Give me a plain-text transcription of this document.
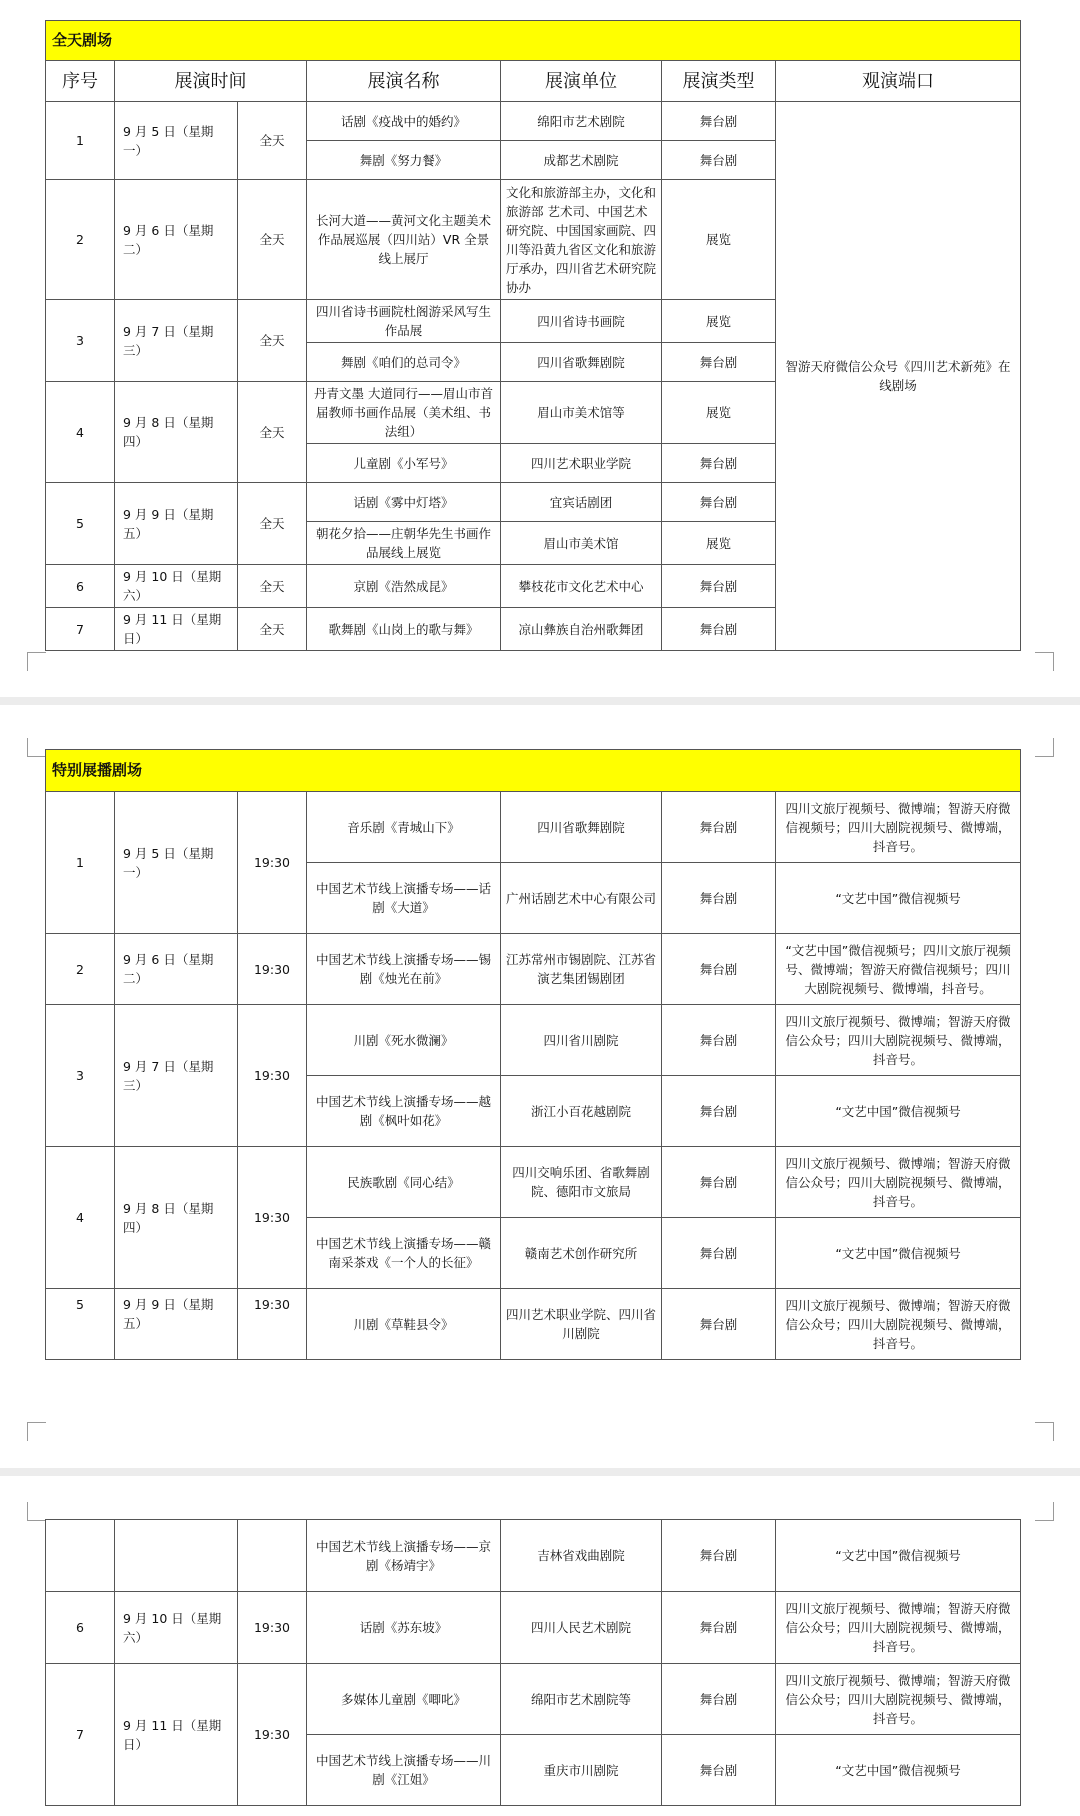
全天剧场						
序号	展演时间		展演名称	展演单位	展演类型	观演端口
1	9 月 5 日（星期一）	全天	话剧《疫战中的婚约》	绵阳市艺术剧院	舞台剧	智游天府微信公众号《四川艺术新苑》在线剧场
			舞剧《努力餐》	成都艺术剧院	舞台剧	
2	9 月 6 日（星期二）	全天	长河大道——黄河文化主题美术作品展巡展（四川站）VR 全景线上展厅	文化和旅游部主办，文化和旅游部 艺术司、中国艺术研究院、中国国家画院、四川等沿黄九省区文化和旅游厅承办，四川省艺术研究院协办	展览	
3	9 月 7 日（星期三）	全天	四川省诗书画院杜阁游采风写生作品展	四川省诗书画院	展览	
			舞剧《咱们的总司令》	四川省歌舞剧院	舞台剧	
4	9 月 8 日（星期四）	全天	丹青文墨 大道同行——眉山市首届教师书画作品展（美术组、书法组）	眉山市美术馆等	展览	
			儿童剧《小军号》	四川艺术职业学院	舞台剧	
5	9 月 9 日（星期五）	全天	话剧《雾中灯塔》	宜宾话剧团	舞台剧	
			朝花夕拾——庄朝华先生书画作品展线上展览	眉山市美术馆	展览	
6	9 月 10 日（星期六）	全天	京剧《浩然成昆》	攀枝花市文化艺术中心	舞台剧	
7	9 月 11 日（星期日）	全天	歌舞剧《山岗上的歌与舞》	凉山彝族自治州歌舞团	舞台剧	
特别展播剧场						
1	9 月 5 日（星期一）	19:30	音乐剧《青城山下》	四川省歌舞剧院	舞台剧	四川文旅厅视频号、微博端；智游天府微信视频号；四川大剧院视频号、微博端，抖音号。
			中国艺术节线上演播专场——话剧《大道》	广州话剧艺术中心有限公司	舞台剧	“文艺中国”微信视频号
2	9 月 6 日（星期二）	19:30	中国艺术节线上演播专场——锡剧《烛光在前》	江苏常州市锡剧院、江苏省演艺集团锡剧团	舞台剧	“文艺中国”微信视频号；四川文旅厅视频号、微博端；智游天府微信视频号；四川大剧院视频号、微博端，抖音号。
3	9 月 7 日（星期三）	19:30	川剧《死水微澜》	四川省川剧院	舞台剧	四川文旅厅视频号、微博端；智游天府微信公众号；四川大剧院视频号、微博端，抖音号。
			中国艺术节线上演播专场——越剧《枫叶如花》	浙江小百花越剧院	舞台剧	“文艺中国”微信视频号
4	9 月 8 日（星期四）	19:30	民族歌剧《同心结》	四川交响乐团、省歌舞剧院、德阳市文旅局	舞台剧	四川文旅厅视频号、微博端；智游天府微信公众号；四川大剧院视频号、微博端，抖音号。
			中国艺术节线上演播专场——赣南采茶戏《一个人的长征》	赣南艺术创作研究所	舞台剧	“文艺中国”微信视频号
5	9 月 9 日（星期五）	19:30	川剧《草鞋县令》	四川艺术职业学院、四川省川剧院	舞台剧	四川文旅厅视频号、微博端；智游天府微信公众号；四川大剧院视频号、微博端，抖音号。
			中国艺术节线上演播专场——京剧《杨靖宇》	吉林省戏曲剧院	舞台剧	“文艺中国”微信视频号
6	9 月 10 日（星期六）	19:30	话剧《苏东坡》	四川人民艺术剧院	舞台剧	四川文旅厅视频号、微博端；智游天府微信公众号；四川大剧院视频号、微博端，抖音号。
7	9 月 11 日（星期日）	19:30	多媒体儿童剧《唧叱》	绵阳市艺术剧院等	舞台剧	四川文旅厅视频号、微博端；智游天府微信公众号；四川大剧院视频号、微博端，抖音号。
			中国艺术节线上演播专场——川剧《江姐》	重庆市川剧院	舞台剧	“文艺中国”微信视频号
